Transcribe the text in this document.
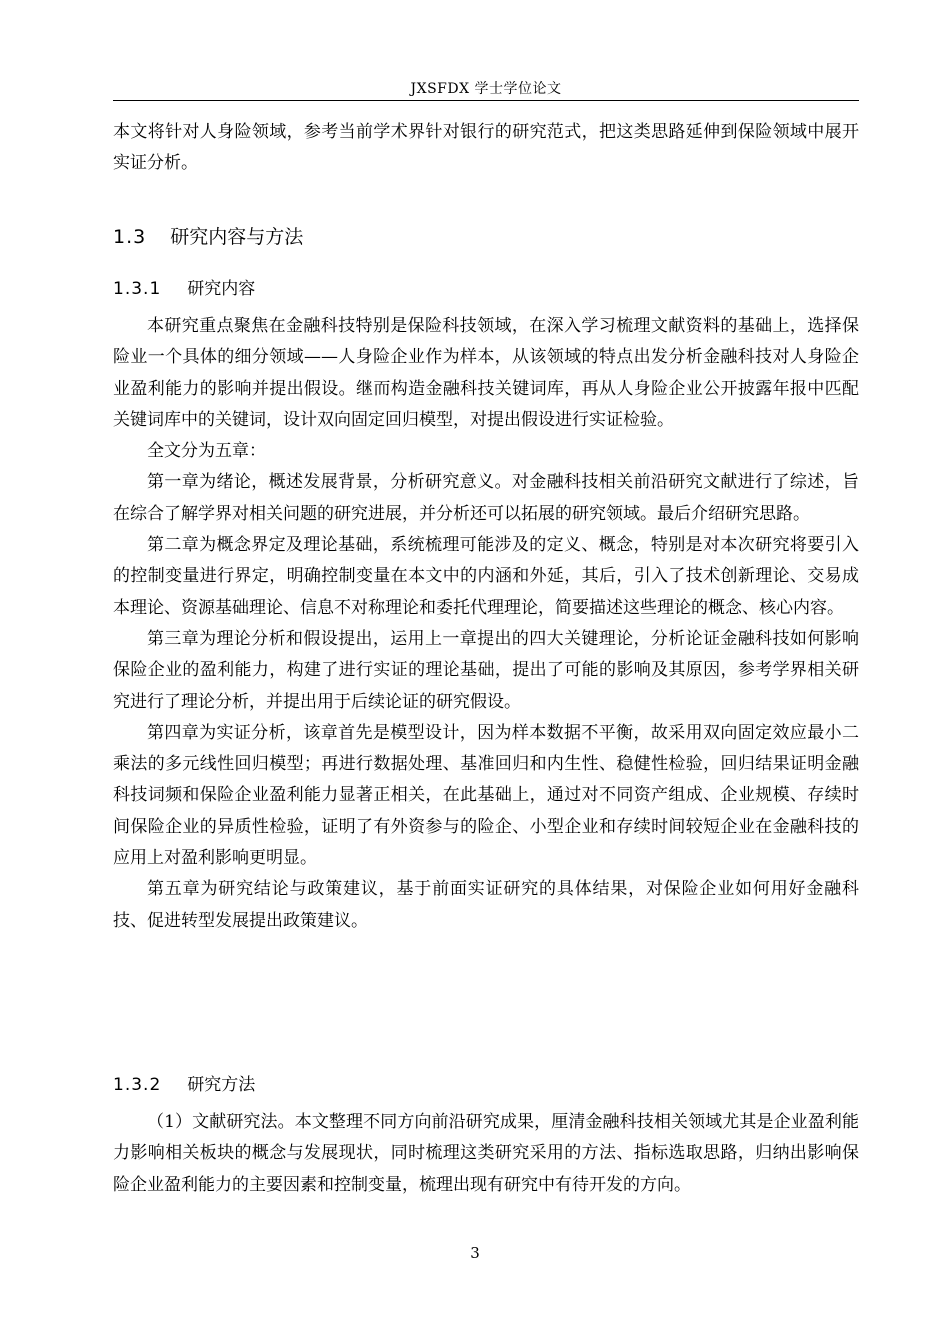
JXSFDX 学士学位论文

本文将针对人身险领域，参考当前学术界针对银行的研究范式，把这类思路延伸到保险领域中展开实证分析。

1.3 研究内容与方法
1.3.1 研究内容

本研究重点聚焦在金融科技特别是保险科技领域，在深入学习梳理文献资料的基础上，选择保险业一个具体的细分领域——人身险企业作为样本，从该领域的特点出发分析金融科技对人身险企业盈利能力的影响并提出假设。继而构造金融科技关键词库，再从人身险企业公开披露年报中匹配关键词库中的关键词，设计双向固定回归模型，对提出假设进行实证检验。

全文分为五章：

第一章为绪论，概述发展背景，分析研究意义。对金融科技相关前沿研究文献进行了综述，旨在综合了解学界对相关问题的研究进展，并分析还可以拓展的研究领域。最后介绍研究思路。

第二章为概念界定及理论基础，系统梳理可能涉及的定义、概念，特别是对本次研究将要引入的控制变量进行界定，明确控制变量在本文中的内涵和外延，其后，引入了技术创新理论、交易成本理论、资源基础理论、信息不对称理论和委托代理理论，简要描述这些理论的概念、核心内容。

第三章为理论分析和假设提出，运用上一章提出的四大关键理论，分析论证金融科技如何影响保险企业的盈利能力，构建了进行实证的理论基础，提出了可能的影响及其原因，参考学界相关研究进行了理论分析，并提出用于后续论证的研究假设。

第四章为实证分析，该章首先是模型设计，因为样本数据不平衡，故采用双向固定效应最小二乘法的多元线性回归模型；再进行数据处理、基准回归和内生性、稳健性检验，回归结果证明金融科技词频和保险企业盈利能力显著正相关，在此基础上，通过对不同资产组成、企业规模、存续时间保险企业的异质性检验，证明了有外资参与的险企、小型企业和存续时间较短企业在金融科技的应用上对盈利影响更明显。

第五章为研究结论与政策建议，基于前面实证研究的具体结果，对保险企业如何用好金融科技、促进转型发展提出政策建议。

1.3.2 研究方法

（1）文献研究法。本文整理不同方向前沿研究成果，厘清金融科技相关领域尤其是企业盈利能力影响相关板块的概念与发展现状，同时梳理这类研究采用的方法、指标选取思路，归纳出影响保险企业盈利能力的主要因素和控制变量，梳理出现有研究中有待开发的方向。

3
